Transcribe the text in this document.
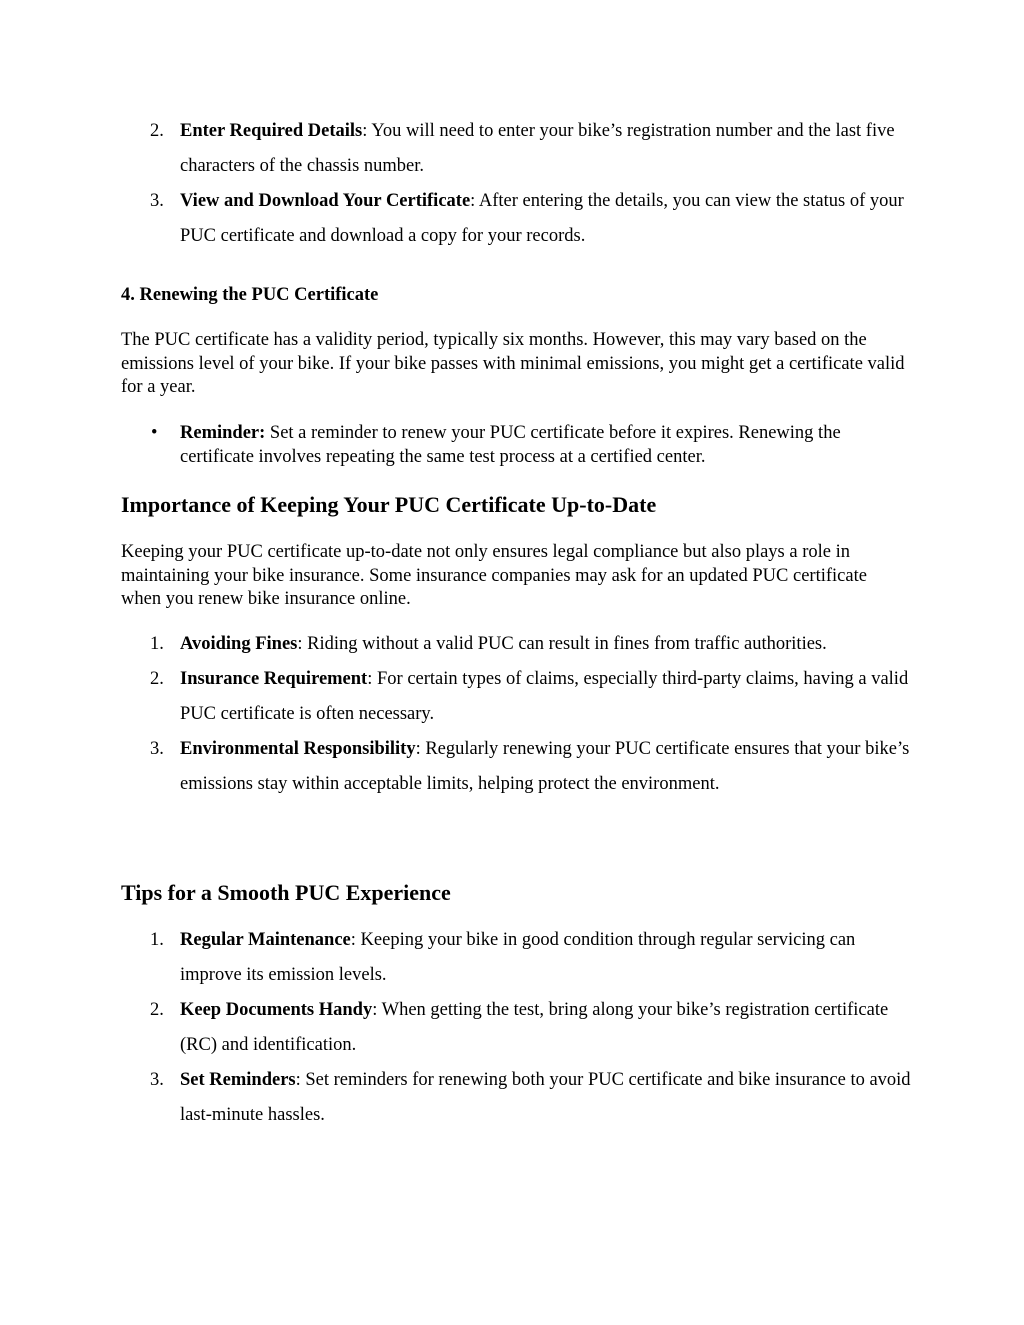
2. Enter Required Details: You will need to enter your bike’s registration number and the last five characters of the chassis number.
3. View and Download Your Certificate: After entering the details, you can view the status of your PUC certificate and download a copy for your records.
4. Renewing the PUC Certificate

The PUC certificate has a validity period, typically six months. However, this may vary based on the emissions level of your bike. If your bike passes with minimal emissions, you might get a certificate valid for a year.

• Reminder: Set a reminder to renew your PUC certificate before it expires. Renewing the certificate involves repeating the same test process at a certified center.
Importance of Keeping Your PUC Certificate Up-to-Date

Keeping your PUC certificate up-to-date not only ensures legal compliance but also plays a role in maintaining your bike insurance. Some insurance companies may ask for an updated PUC certificate when you renew bike insurance online.

1. Avoiding Fines: Riding without a valid PUC can result in fines from traffic authorities.
2. Insurance Requirement: For certain types of claims, especially third-party claims, having a valid PUC certificate is often necessary.
3. Environmental Responsibility: Regularly renewing your PUC certificate ensures that your bike’s emissions stay within acceptable limits, helping protect the environment.
Tips for a Smooth PUC Experience
1. Regular Maintenance: Keeping your bike in good condition through regular servicing can improve its emission levels.
2. Keep Documents Handy: When getting the test, bring along your bike’s registration certificate (RC) and identification.
3. Set Reminders: Set reminders for renewing both your PUC certificate and bike insurance to avoid last-minute hassles.
